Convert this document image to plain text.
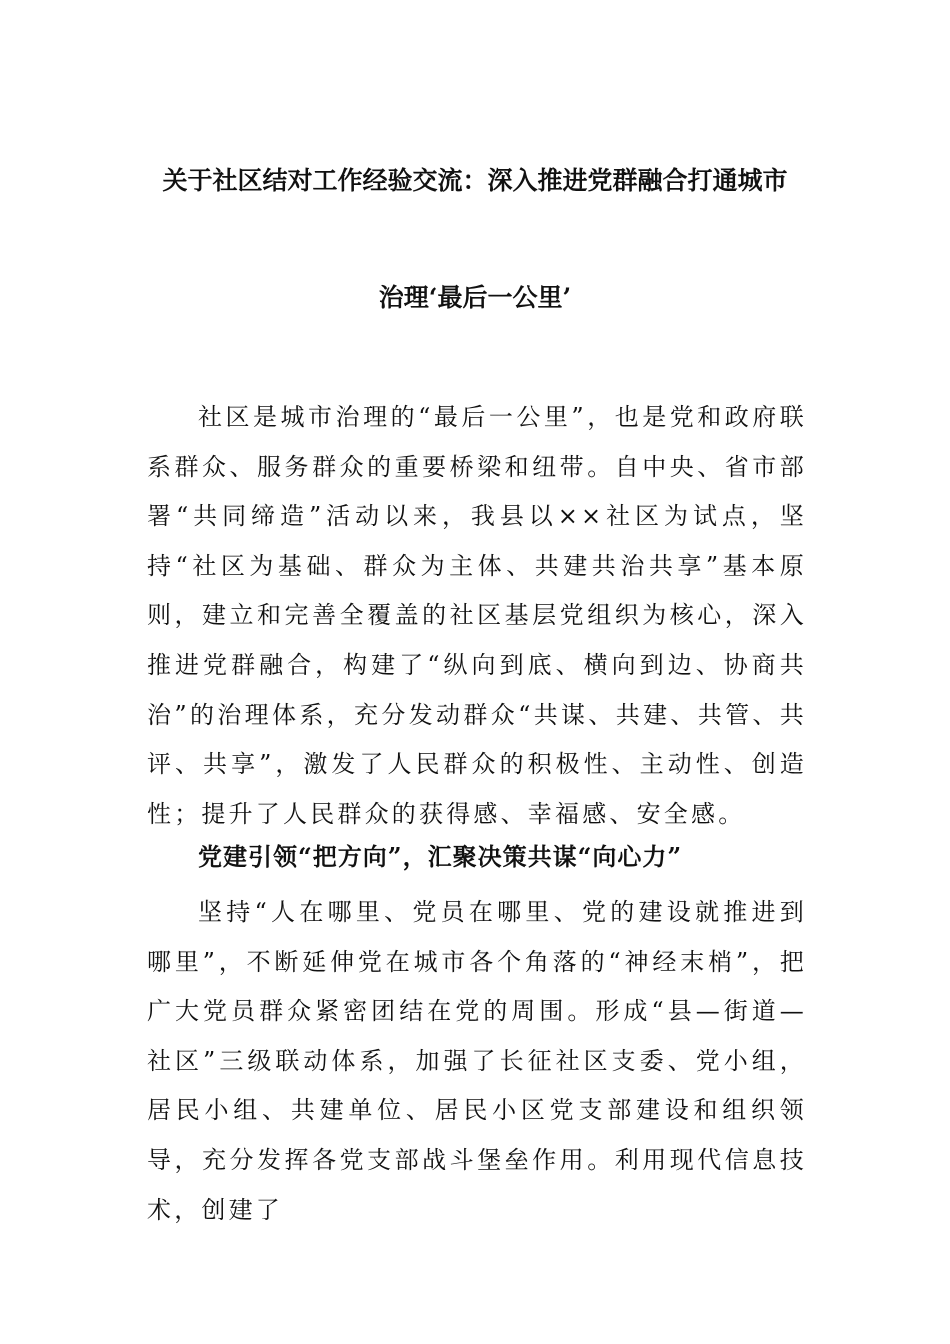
关于社区结对工作经验交流：深入推进党群融合打通城市
治理‘最后一公里’

社区是城市治理的“最后一公里”，也是党和政府联系群众、服务群众的重要桥梁和纽带。自中央、省市部署“共同缔造”活动以来，我县以××社区为试点，坚持“社区为基础、群众为主体、共建共治共享”基本原则，建立和完善全覆盖的社区基层党组织为核心，深入推进党群融合，构建了“纵向到底、横向到边、协商共治”的治理体系，充分发动群众“共谋、共建、共管、共评、共享”，激发了人民群众的积极性、主动性、创造性；提升了人民群众的获得感、幸福感、安全感。

党建引领“把方向”，汇聚决策共谋“向心力”

坚持“人在哪里、党员在哪里、党的建设就推进到哪里”，不断延伸党在城市各个角落的“神经末梢”，把广大党员群众紧密团结在党的周围。形成“县—街道—社区”三级联动体系，加强了长征社区支委、党小组，居民小组、共建单位、居民小区党支部建设和组织领导，充分发挥各党支部战斗堡垒作用。利用现代信息技术，创建了
